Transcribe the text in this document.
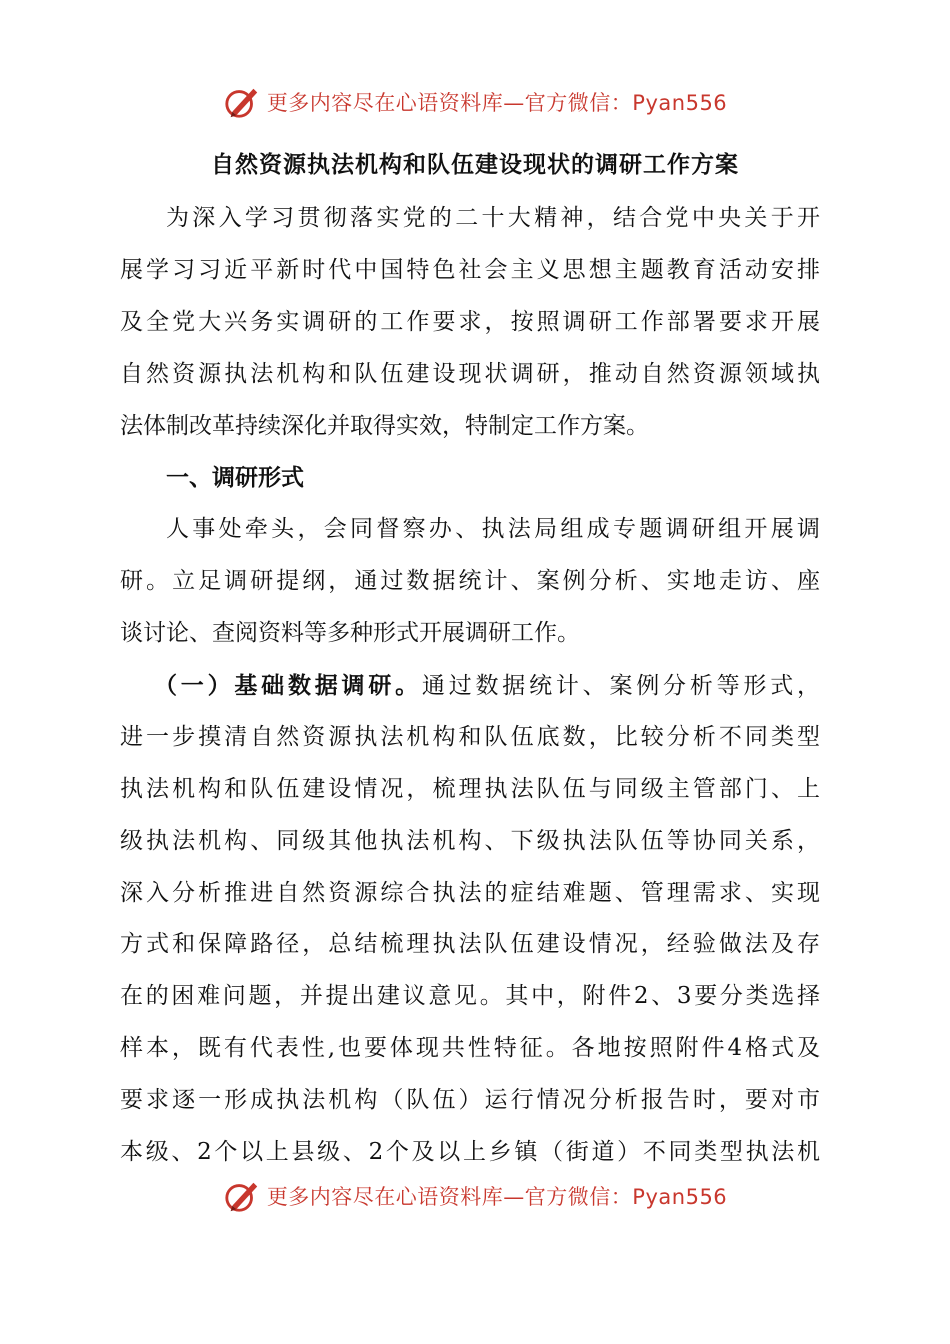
更多内容尽在心语资料库—官方微信：Pyan556
自然资源执法机构和队伍建设现状的调研工作方案
为深入学习贯彻落实党的二十大精神，结合党中央关于开
展学习习近平新时代中国特色社会主义思想主题教育活动安排
及全党大兴务实调研的工作要求，按照调研工作部署要求开展
自然资源执法机构和队伍建设现状调研，推动自然资源领域执
法体制改革持续深化并取得实效，特制定工作方案。
一、调研形式
人事处牵头，会同督察办、执法局组成专题调研组开展调
研。立足调研提纲，通过数据统计、案例分析、实地走访、座
谈讨论、查阅资料等多种形式开展调研工作。
（一）基础数据调研。通过数据统计、案例分析等形式，
进一步摸清自然资源执法机构和队伍底数，比较分析不同类型
执法机构和队伍建设情况，梳理执法队伍与同级主管部门、上
级执法机构、同级其他执法机构、下级执法队伍等协同关系，
深入分析推进自然资源综合执法的症结难题、管理需求、实现
方式和保障路径，总结梳理执法队伍建设情况，经验做法及存
在的困难问题，并提出建议意见。其中，附件2、3要分类选择
样本，既有代表性,也要体现共性特征。各地按照附件4格式及
要求逐一形成执法机构（队伍）运行情况分析报告时，要对市
本级、2个以上县级、2个及以上乡镇（街道）不同类型执法机
更多内容尽在心语资料库—官方微信：Pyan556
